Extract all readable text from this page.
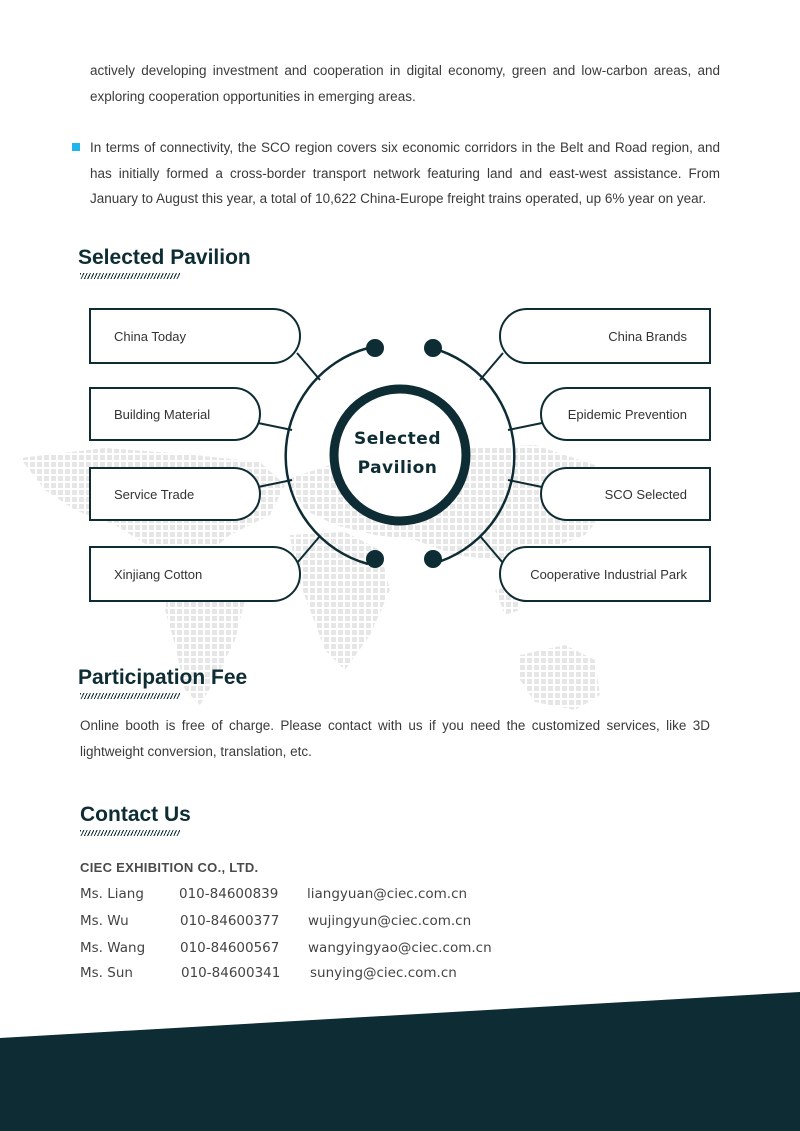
actively developing investment and cooperation in digital economy, green and low-carbon areas, and exploring cooperation opportunities in emerging areas.
In terms of connectivity, the SCO region covers six economic corridors in the Belt and Road region, and has initially formed a cross-border transport network featuring land and east-west assistance. From January to August this year, a total of 10,622 China-Europe freight trains operated, up 6% year on year.
Selected Pavilion
Selected
Pavilion
China Today
Building Material
Service Trade
Xinjiang Cotton
China Brands
Epidemic Prevention
SCO Selected
Cooperative Industrial Park
Participation Fee
Online booth is free of charge. Please contact with us if you need the customized services, like 3D lightweight conversion, translation, etc.
Contact Us
CIEC EXHIBITION CO., LTD.
Ms. Liang	010-84600839 liangyuan@ciec.com.cn
Ms. Wu	010-84600377 wujingyun@ciec.com.cn
Ms. Wang	010-84600567 wangyingyao@ciec.com.cn
Ms. Sun	010-84600341 sunying@ciec.com.cn
